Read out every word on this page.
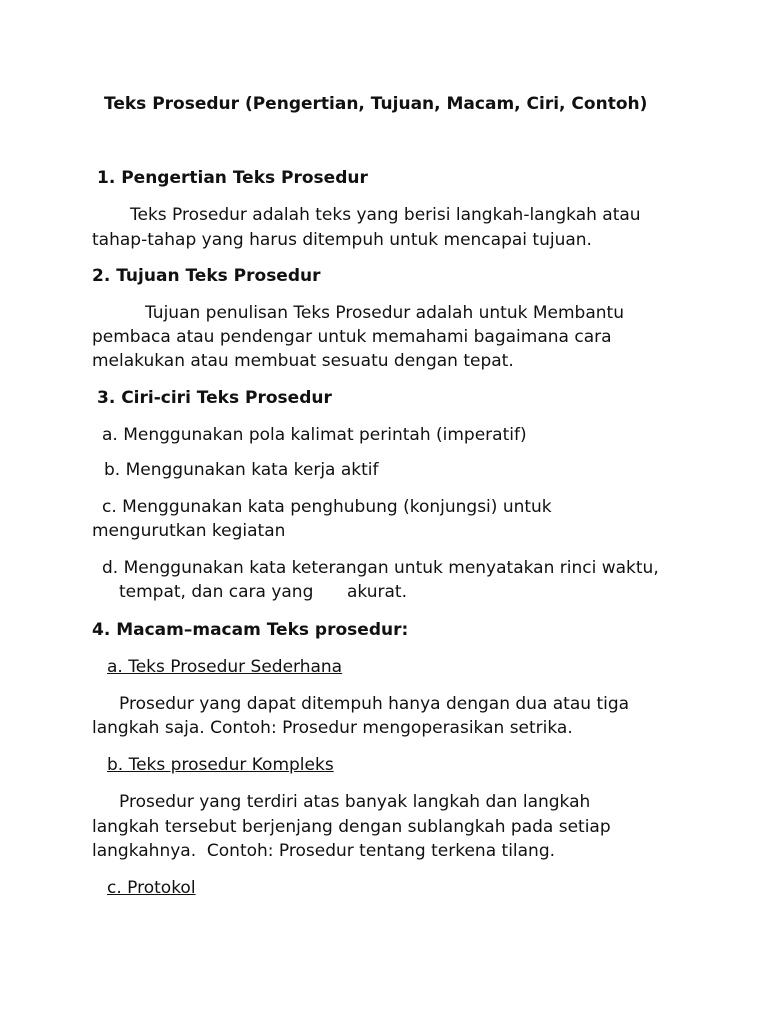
Teks Prosedur (Pengertian, Tujuan, Macam, Ciri, Contoh)
1. Pengertian Teks Prosedur
Teks Prosedur adalah teks yang berisi langkah-langkah atau
tahap-tahap yang harus ditempuh untuk mencapai tujuan.
2. Tujuan Teks Prosedur
Tujuan penulisan Teks Prosedur adalah untuk Membantu
pembaca atau pendengar untuk memahami bagaimana cara
melakukan atau membuat sesuatu dengan tepat.
3. Ciri-ciri Teks Prosedur
a. Menggunakan pola kalimat perintah (imperatif)
b. Menggunakan kata kerja aktif
c. Menggunakan kata penghubung (konjungsi) untuk
mengurutkan kegiatan
d. Menggunakan kata keterangan untuk menyatakan rinci waktu,
tempat, dan cara yang akurat.
4. Macam–macam Teks prosedur:
a. Teks Prosedur Sederhana
Prosedur yang dapat ditempuh hanya dengan dua atau tiga
langkah saja. Contoh: Prosedur mengoperasikan setrika.
b. Teks prosedur Kompleks
Prosedur yang terdiri atas banyak langkah dan langkah
langkah tersebut berjenjang dengan sublangkah pada setiap
langkahnya.  Contoh: Prosedur tentang terkena tilang.
c. Protokol
